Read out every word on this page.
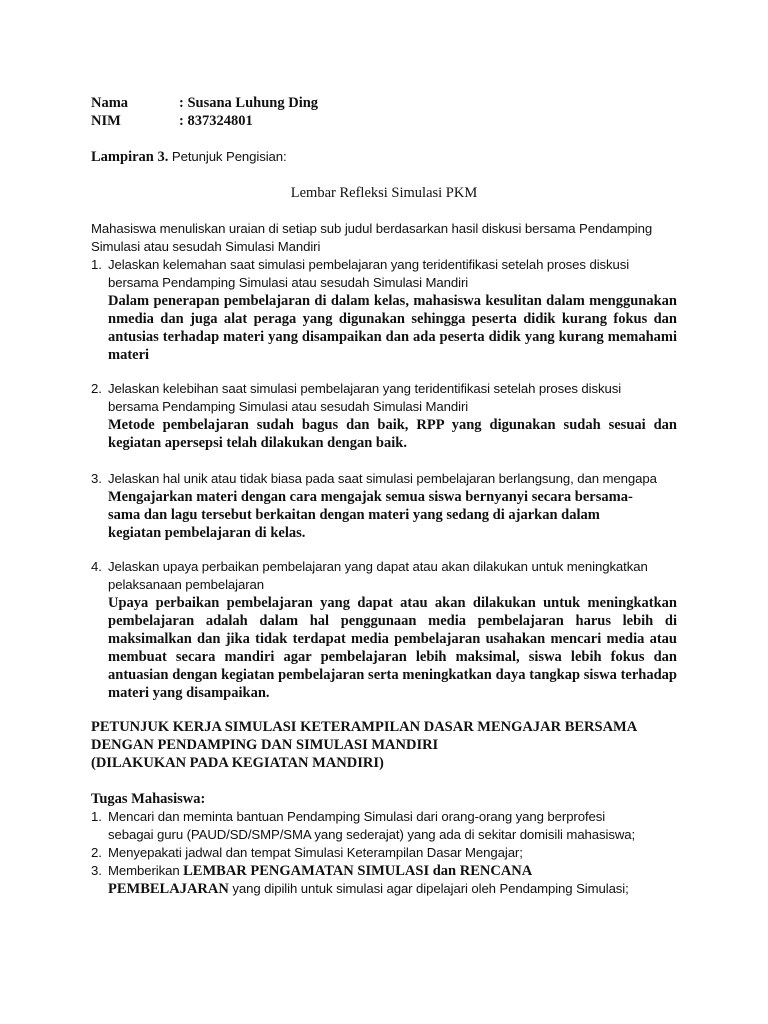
Nama	: Susana Luhung Ding
NIM	: 837324801
Lampiran 3. Petunjuk Pengisian:
Lembar Refleksi Simulasi PKM
Mahasiswa menuliskan uraian di setiap sub judul berdasarkan hasil diskusi bersama Pendamping
Simulasi atau sesudah Simulasi Mandiri
1. Jelaskan kelemahan saat simulasi pembelajaran yang teridentifikasi setelah proses diskusi
bersama Pendamping Simulasi atau sesudah Simulasi Mandiri
Dalam penerapan pembelajaran di dalam kelas, mahasiswa kesulitan dalam menggunakan nmedia dan juga alat peraga yang digunakan sehingga peserta didik kurang fokus dan antusias terhadap materi yang disampaikan dan ada peserta didik yang kurang memahami materi
2. Jelaskan kelebihan saat simulasi pembelajaran yang teridentifikasi setelah proses diskusi
bersama Pendamping Simulasi atau sesudah Simulasi Mandiri
Metode pembelajaran sudah bagus dan baik, RPP yang digunakan sudah sesuai dan kegiatan apersepsi telah dilakukan dengan baik.
3. Jelaskan hal unik atau tidak biasa pada saat simulasi pembelajaran berlangsung, dan mengapa
Mengajarkan materi dengan cara mengajak semua siswa bernyanyi secara bersama-
sama dan lagu tersebut berkaitan dengan materi yang sedang di ajarkan dalam
kegiatan pembelajaran di kelas.
4. Jelaskan upaya perbaikan pembelajaran yang dapat atau akan dilakukan untuk meningkatkan
pelaksanaan pembelajaran
Upaya perbaikan pembelajaran yang dapat atau akan dilakukan untuk meningkatkan pembelajaran adalah dalam hal penggunaan media pembelajaran harus lebih di maksimalkan dan jika tidak terdapat media pembelajaran usahakan mencari media atau membuat secara mandiri agar pembelajaran lebih maksimal, siswa lebih fokus dan antuasian dengan kegiatan pembelajaran serta meningkatkan daya tangkap siswa terhadap materi yang disampaikan.
PETUNJUK KERJA SIMULASI KETERAMPILAN DASAR MENGAJAR BERSAMA
DENGAN PENDAMPING DAN SIMULASI MANDIRI
(DILAKUKAN PADA KEGIATAN MANDIRI)
Tugas Mahasiswa:
1. Mencari dan meminta bantuan Pendamping Simulasi dari orang-orang yang berprofesi
sebagai guru (PAUD/SD/SMP/SMA yang sederajat) yang ada di sekitar domisili mahasiswa;
2. Menyepakati jadwal dan tempat Simulasi Keterampilan Dasar Mengajar;
3. Memberikan LEMBAR PENGAMATAN SIMULASI dan RENCANA
PEMBELAJARAN yang dipilih untuk simulasi agar dipelajari oleh Pendamping Simulasi;
